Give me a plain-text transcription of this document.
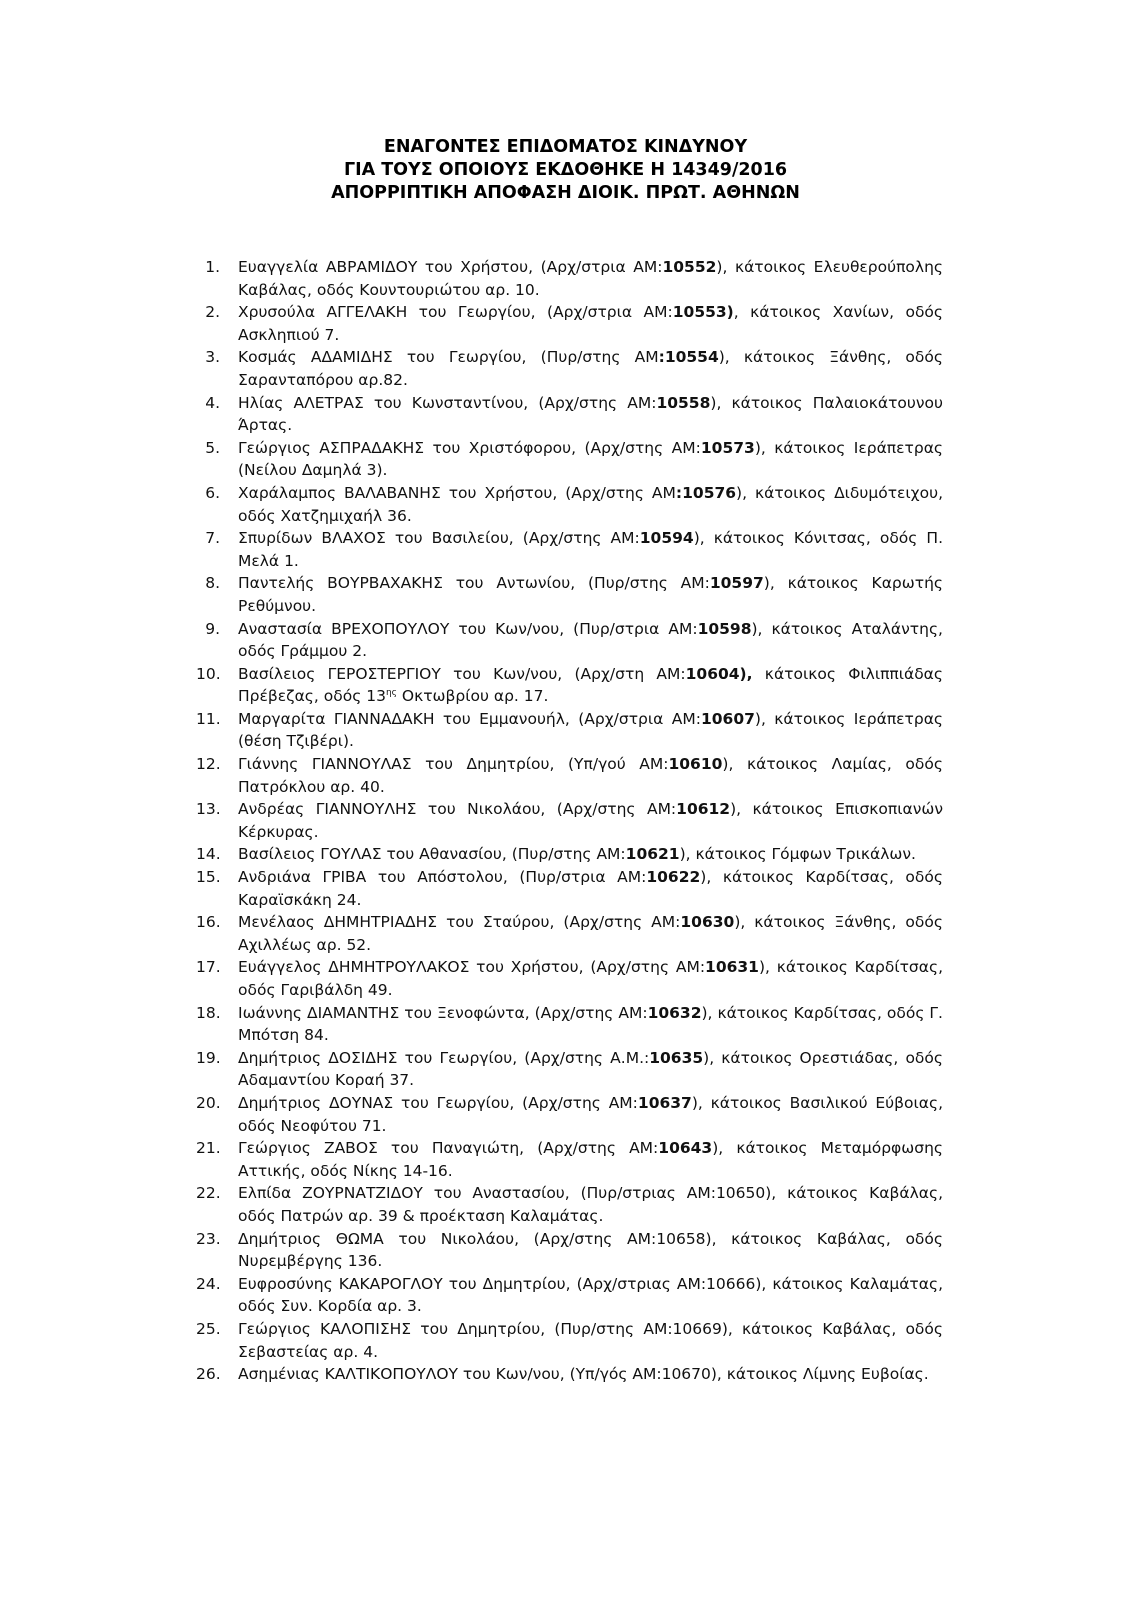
ΕΝΑΓΟΝΤΕΣ ΕΠΙΔΟΜΑΤΟΣ ΚΙΝΔΥΝΟΥ
ΓΙΑ ΤΟΥΣ ΟΠΟΙΟΥΣ ΕΚΔΟΘΗΚΕ Η 14349/2016
ΑΠΟΡΡΙΠΤΙΚΗ ΑΠΟΦΑΣΗ ΔΙΟΙΚ. ΠΡΩΤ. ΑΘΗΝΩΝ
1. Ευαγγελία ΑΒΡΑΜΙΔΟΥ του Χρήστου, (Αρχ/στρια ΑΜ:10552), κάτοικος Ελευθερούπολης Καβάλας, οδός Κουντουριώτου αρ. 10.
2. Χρυσούλα ΑΓΓΕΛΑΚΗ του Γεωργίου, (Αρχ/στρια ΑΜ:10553), κάτοικος Χανίων, οδός Ασκληπιού 7.
3. Κοσμάς ΑΔΑΜΙΔΗΣ του Γεωργίου, (Πυρ/στης ΑΜ:10554), κάτοικος Ξάνθης, οδός Σαρανταπόρου αρ.82.
4. Ηλίας ΑΛΕΤΡΑΣ του Κωνσταντίνου, (Αρχ/στης ΑΜ:10558), κάτοικος Παλαιοκάτουνου Άρτας.
5. Γεώργιος ΑΣΠΡΑΔΑΚΗΣ του Χριστόφορου, (Αρχ/στης ΑΜ:10573), κάτοικος Ιεράπετρας (Νείλου Δαμηλά 3).
6. Χαράλαμπος ΒΑΛΑΒΑΝΗΣ του Χρήστου, (Αρχ/στης ΑΜ:10576), κάτοικος Διδυμότειχου, οδός Χατζημιχαήλ 36.
7. Σπυρίδων ΒΛΑΧΟΣ του Βασιλείου, (Αρχ/στης ΑΜ:10594), κάτοικος Κόνιτσας, οδός Π. Μελά 1.
8. Παντελής ΒΟΥΡΒΑΧΑΚΗΣ του Αντωνίου, (Πυρ/στης ΑΜ:10597), κάτοικος Καρωτής Ρεθύμνου.
9. Αναστασία ΒΡΕΧΟΠΟΥΛΟΥ του Κων/νου, (Πυρ/στρια ΑΜ:10598), κάτοικος Αταλάντης, οδός Γράμμου 2.
10. Βασίλειος ΓΕΡΟΣΤΕΡΓΙΟΥ του Κων/νου, (Αρχ/στη ΑΜ:10604), κάτοικος Φιλιππιάδας Πρέβεζας, οδός $13^{\eta\varsigma}$ Οκτωβρίου αρ. 17.
11. Μαργαρίτα ΓΙΑΝΝΑΔΑΚΗ του Εμμανουήλ, (Αρχ/στρια ΑΜ:10607), κάτοικος Ιεράπετρας (θέση Τζιβέρι).
12. Γιάννης ΓΙΑΝΝΟΥΛΑΣ του Δημητρίου, (Υπ/γού ΑΜ:10610), κάτοικος Λαμίας, οδός Πατρόκλου αρ. 40.
13. Ανδρέας ΓΙΑΝΝΟΥΛΗΣ του Νικολάου, (Αρχ/στης ΑΜ:10612), κάτοικος Επισκοπιανών Κέρκυρας.
14. Βασίλειος ΓΟΥΛΑΣ του Αθανασίου, (Πυρ/στης ΑΜ:10621), κάτοικος Γόμφων Τρικάλων.
15. Ανδριάνα ΓΡΙΒΑ του Απόστολου, (Πυρ/στρια ΑΜ:10622), κάτοικος Καρδίτσας, οδός Καραϊσκάκη 24.
16. Μενέλαος ΔΗΜΗΤΡΙΑΔΗΣ του Σταύρου, (Αρχ/στης ΑΜ:10630), κάτοικος Ξάνθης, οδός Αχιλλέως αρ. 52.
17. Ευάγγελος ΔΗΜΗΤΡΟΥΛΑΚΟΣ του Χρήστου, (Αρχ/στης ΑΜ:10631), κάτοικος Καρδίτσας, οδός Γαριβάλδη 49.
18. Ιωάννης ΔΙΑΜΑΝΤΗΣ του Ξενοφώντα, (Αρχ/στης ΑΜ:10632), κάτοικος Καρδίτσας, οδός Γ. Μπότση 84.
19. Δημήτριος ΔΟΣΙΔΗΣ του Γεωργίου, (Αρχ/στης Α.Μ.:10635), κάτοικος Ορεστιάδας, οδός Αδαμαντίου Κοραή 37.
20. Δημήτριος ΔΟΥΝΑΣ του Γεωργίου, (Αρχ/στης ΑΜ:10637), κάτοικος Βασιλικού Εύβοιας, οδός Νεοφύτου 71.
21. Γεώργιος ΖΑΒΟΣ του Παναγιώτη, (Αρχ/στης ΑΜ:10643), κάτοικος Μεταμόρφωσης Αττικής, οδός Νίκης 14-16.
22. Ελπίδα ΖΟΥΡΝΑΤΖΙΔΟΥ του Αναστασίου, (Πυρ/στριας ΑΜ:10650), κάτοικος Καβάλας, οδός Πατρών αρ. 39 & προέκταση Καλαμάτας.
23. Δημήτριος ΘΩΜΑ του Νικολάου, (Αρχ/στης ΑΜ:10658), κάτοικος Καβάλας, οδός Νυρεμβέργης 136.
24. Ευφροσύνης ΚΑΚΑΡΟΓΛΟΥ του Δημητρίου, (Αρχ/στριας ΑΜ:10666), κάτοικος Καλαμάτας, οδός Συν. Κορδία αρ. 3.
25. Γεώργιος ΚΑΛΟΠΙΣΗΣ του Δημητρίου, (Πυρ/στης ΑΜ:10669), κάτοικος Καβάλας, οδός Σεβαστείας αρ. 4.
26. Ασημένιας ΚΑΛΤΙΚΟΠΟΥΛΟΥ του Κων/νου, (Υπ/γός ΑΜ:10670), κάτοικος Λίμνης Ευβοίας.
